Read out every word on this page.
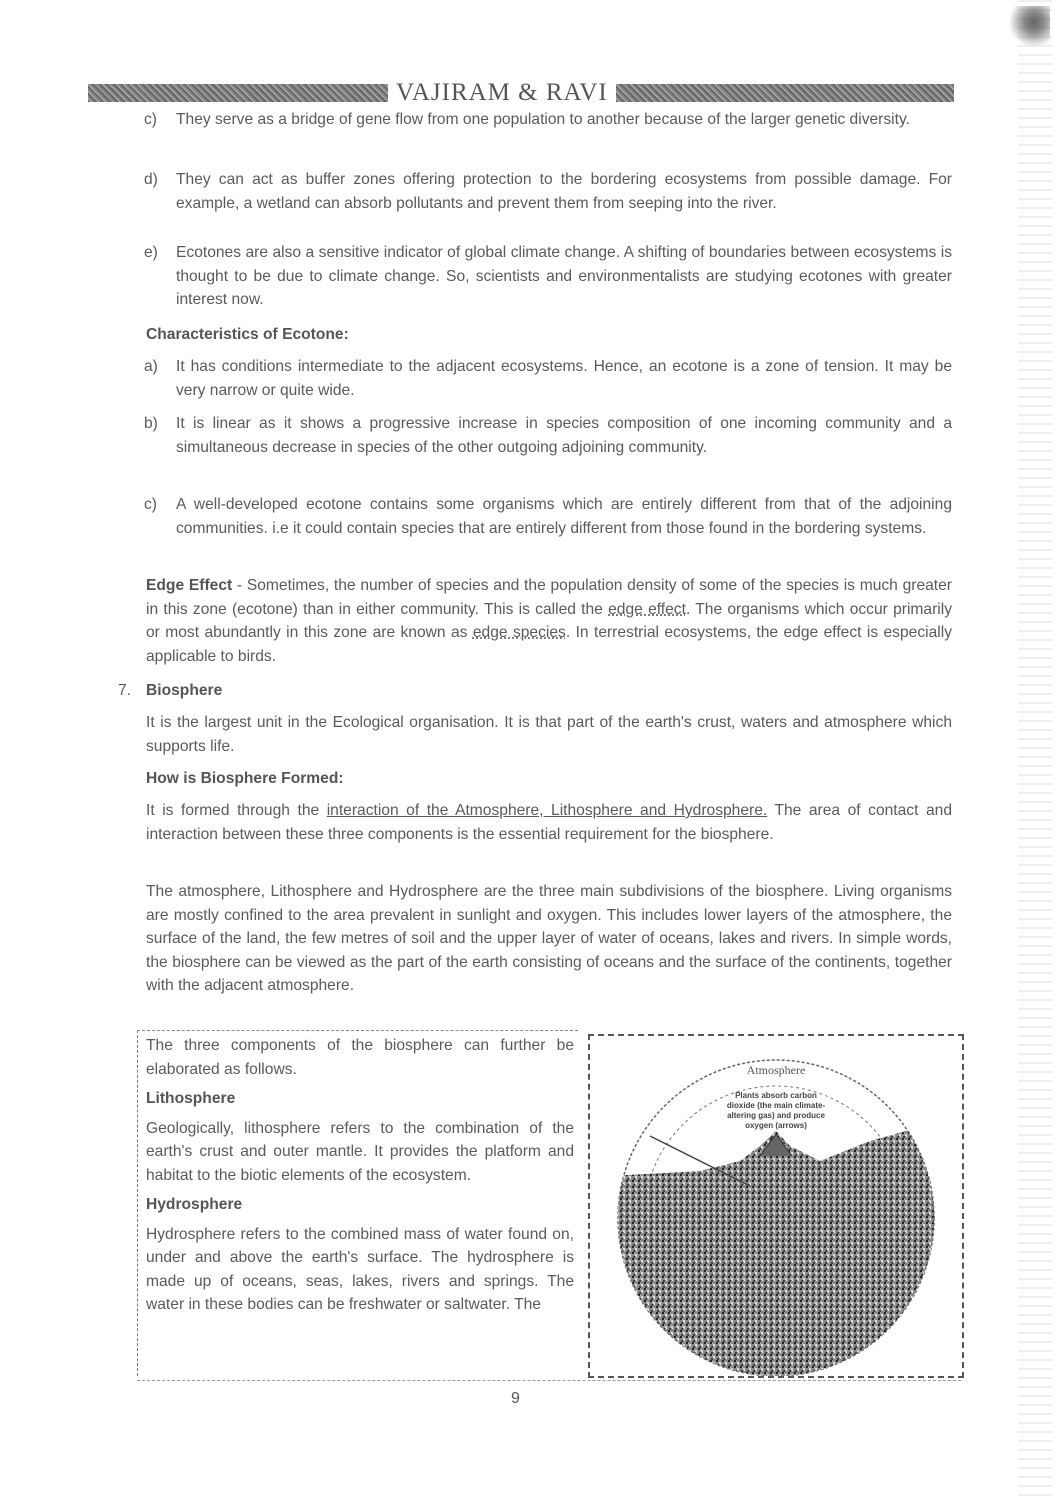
VAJIRAM & RAVI
c) They serve as a bridge of gene flow from one population to another because of the larger genetic diversity.
d) They can act as buffer zones offering protection to the bordering ecosystems from possible damage. For example, a wetland can absorb pollutants and prevent them from seeping into the river.
e) Ecotones are also a sensitive indicator of global climate change. A shifting of boundaries between ecosystems is thought to be due to climate change. So, scientists and environmentalists are studying ecotones with greater interest now.
Characteristics of Ecotone:
a) It has conditions intermediate to the adjacent ecosystems. Hence, an ecotone is a zone of tension. It may be very narrow or quite wide.
b) It is linear as it shows a progressive increase in species composition of one incoming community and a simultaneous decrease in species of the other outgoing adjoining community.
c) A well-developed ecotone contains some organisms which are entirely different from that of the adjoining communities. i.e it could contain species that are entirely different from those found in the bordering systems.
Edge Effect - Sometimes, the number of species and the population density of some of the species is much greater in this zone (ecotone) than in either community. This is called the edge effect. The organisms which occur primarily or most abundantly in this zone are known as edge species. In terrestrial ecosystems, the edge effect is especially applicable to birds.
7. Biosphere
It is the largest unit in the Ecological organisation. It is that part of the earth's crust, waters and atmosphere which supports life.
How is Biosphere Formed:
It is formed through the interaction of the Atmosphere, Lithosphere and Hydrosphere. The area of contact and interaction between these three components is the essential requirement for the biosphere.
The atmosphere, Lithosphere and Hydrosphere are the three main subdivisions of the biosphere. Living organisms are mostly confined to the area prevalent in sunlight and oxygen. This includes lower layers of the atmosphere, the surface of the land, the few metres of soil and the upper layer of water of oceans, lakes and rivers. In simple words, the biosphere can be viewed as the part of the earth consisting of oceans and the surface of the continents, together with the adjacent atmosphere.
The three components of the biosphere can further be elaborated as follows.
Lithosphere
Geologically, lithosphere refers to the combination of the earth's crust and outer mantle. It provides the platform and habitat to the biotic elements of the ecosystem.
Hydrosphere
Hydrosphere refers to the combined mass of water found on, under and above the earth's surface. The hydrosphere is made up of oceans, seas, lakes, rivers and springs. The water in these bodies can be freshwater or saltwater. The
Atmosphere
Plants absorb carbon
dioxide (the main climate-
altering gas) and produce
oxygen (arrows)
9
